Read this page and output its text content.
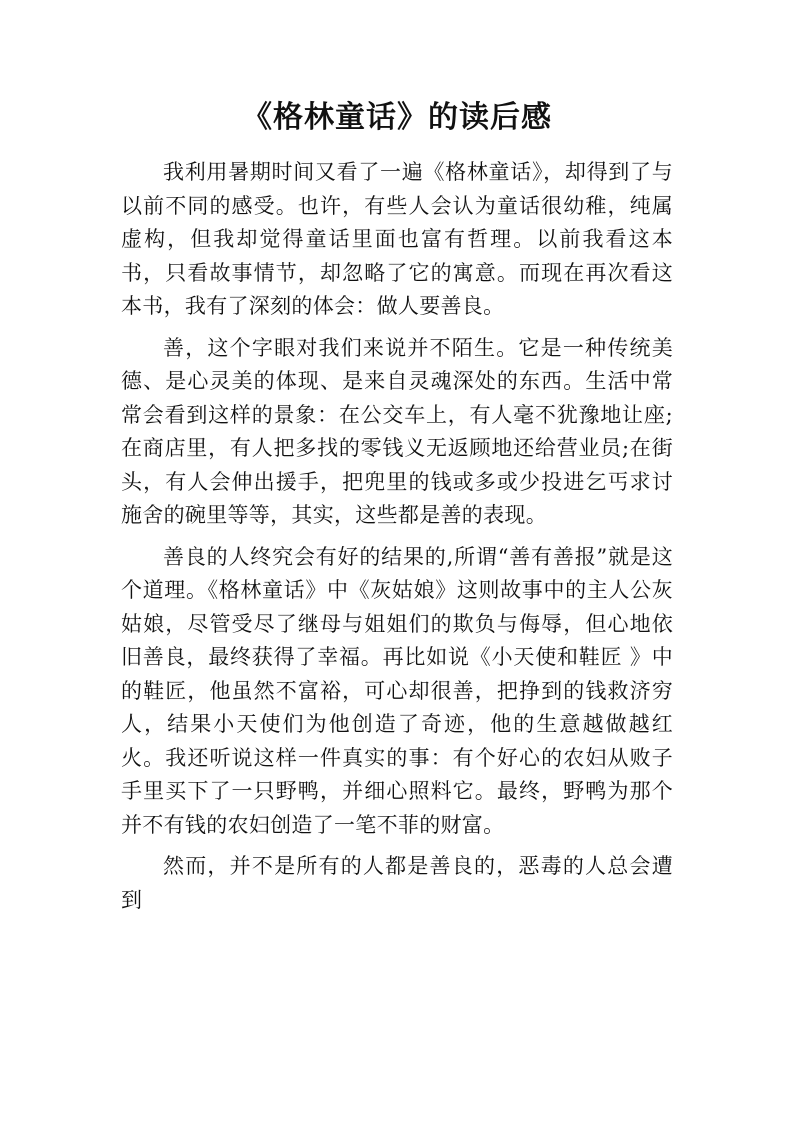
《格林童话》的读后感

我利用暑期时间又看了一遍《格林童话》，却得到了与以前不同的感受。也许，有些人会认为童话很幼稚，纯属虚构，但我却觉得童话里面也富有哲理。以前我看这本书，只看故事情节，却忽略了它的寓意。而现在再次看这本书，我有了深刻的体会：做人要善良。

善，这个字眼对我们来说并不陌生。它是一种传统美德、是心灵美的体现、是来自灵魂深处的东西。生活中常常会看到这样的景象：在公交车上，有人毫不犹豫地让座;在商店里，有人把多找的零钱义无返顾地还给营业员;在街头，有人会伸出援手，把兜里的钱或多或少投进乞丐求讨施舍的碗里等等，其实，这些都是善的表现。

善良的人终究会有好的结果的,所谓“善有善报”就是这个道理。《格林童话》中《灰姑娘》这则故事中的主人公灰姑娘，尽管受尽了继母与姐姐们的欺负与侮辱，但心地依旧善良，最终获得了幸福。再比如说《小天使和鞋匠 》中的鞋匠，他虽然不富裕，可心却很善，把挣到的钱救济穷人，结果小天使们为他创造了奇迹，他的生意越做越红火。我还听说这样一件真实的事：有个好心的农妇从败子手里买下了一只野鸭，并细心照料它。最终，野鸭为那个并不有钱的农妇创造了一笔不菲的财富。

然而，并不是所有的人都是善良的，恶毒的人总会遭到
